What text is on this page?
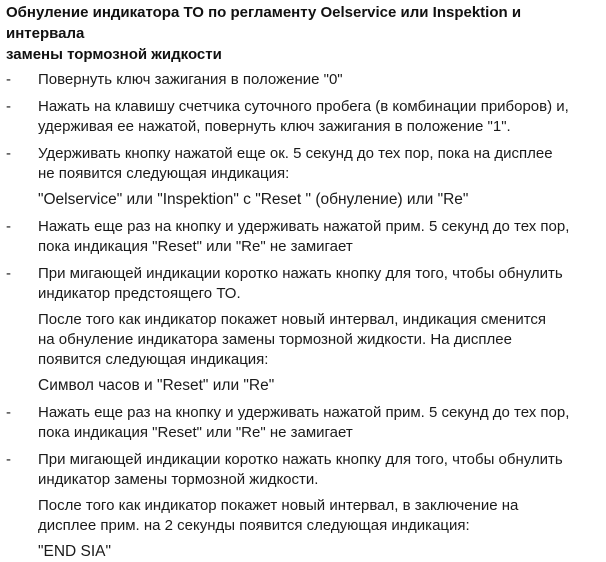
Обнуление индикатора ТО по регламенту Oelservice или Inspektion и интервала
замены тормозной жидкости
- Повернуть ключ зажигания в положение "0"
- Нажать на клавишу счетчика суточного пробега (в комбинации приборов) и,
удерживая ее нажатой, повернуть ключ зажигания в положение "1".
- Удерживать кнопку нажатой еще ок. 5 секунд до тех пор, пока на дисплее
не появится следующая индикация:
"Oelservice" или "Inspektion" с "Reset " (обнуление) или "Re"
- Нажать еще раз на кнопку и удерживать нажатой прим. 5 секунд до тех пор,
пока индикация "Reset" или "Re" не замигает
- При мигающей индикации коротко нажать кнопку для того, чтобы обнулить
индикатор предстоящего ТО.
После того как индикатор покажет новый интервал, индикация сменится
на обнуление индикатора замены тормозной жидкости. На дисплее
появится следующая индикация:
Символ часов и "Reset" или "Re"
- Нажать еще раз на кнопку и удерживать нажатой прим. 5 секунд до тех пор,
пока индикация "Reset" или "Re" не замигает
- При мигающей индикации коротко нажать кнопку для того, чтобы обнулить
индикатор замены тормозной жидкости.
После того как индикатор покажет новый интервал, в заключение на
дисплее прим. на 2 секунды появится следующая индикация:
"END SIA"
